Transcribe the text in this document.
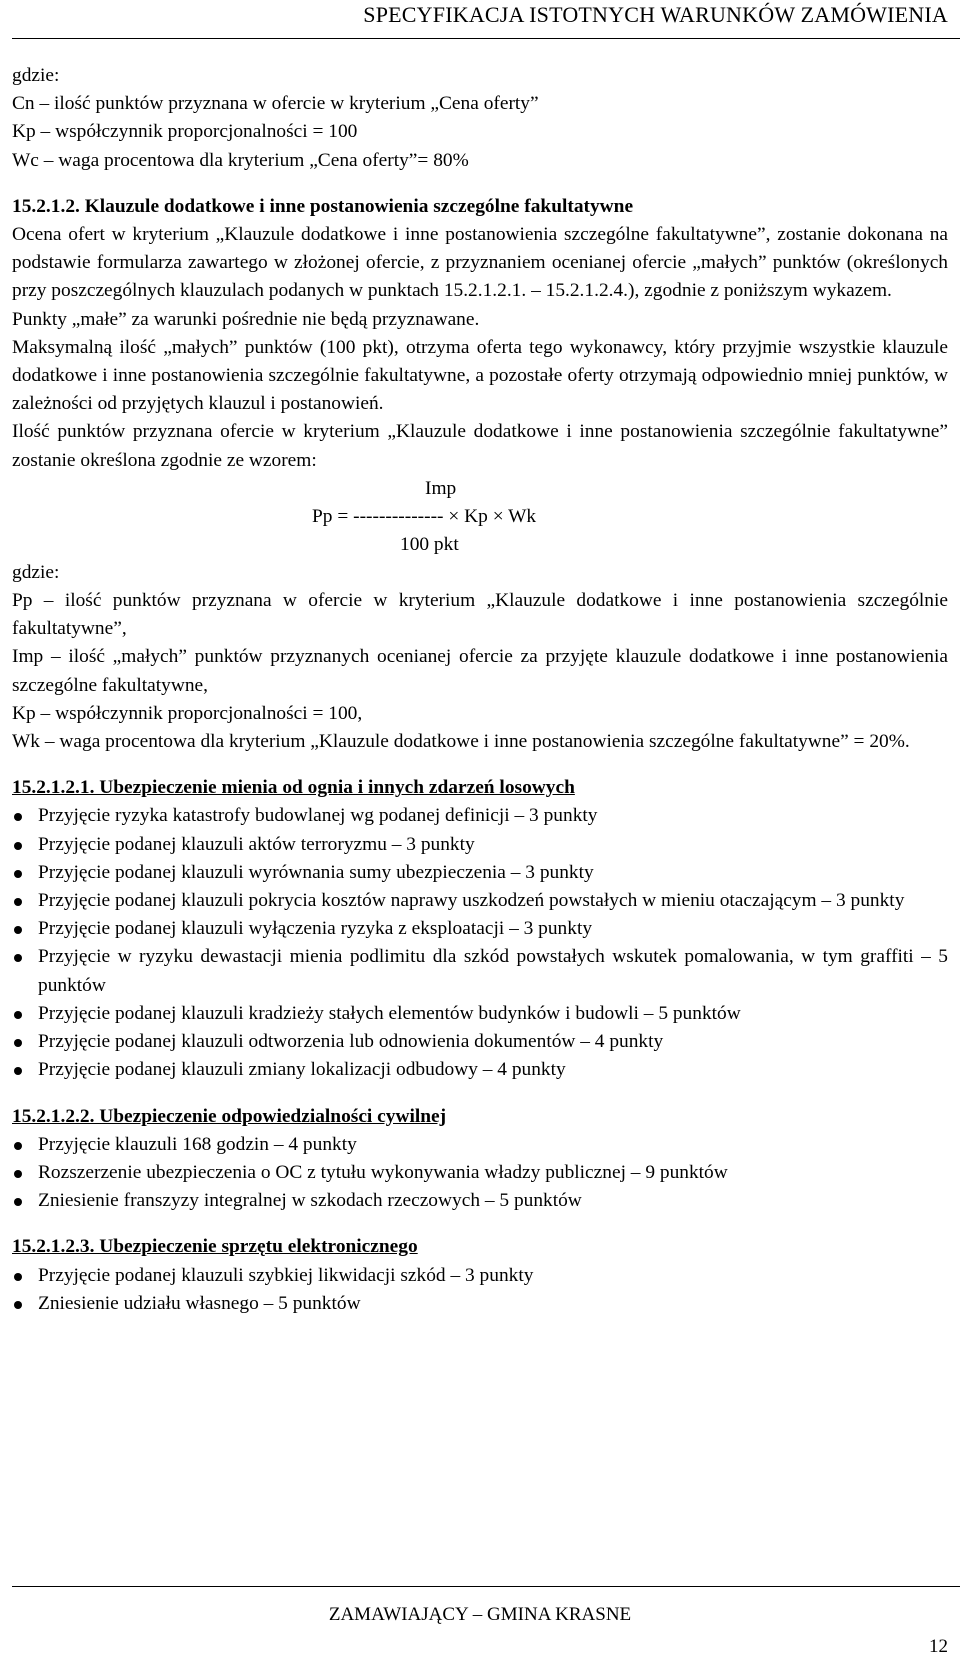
SPECYFIKACJA ISTOTNYCH WARUNKÓW ZAMÓWIENIA

gdzie:

Cn – ilość punktów przyznana w ofercie w kryterium „Cena oferty”

Kp – współczynnik proporcjonalności = 100

Wc – waga procentowa dla kryterium „Cena oferty”= 80%

15.2.1.2. Klauzule dodatkowe i inne postanowienia szczególne fakultatywne

Ocena ofert w kryterium „Klauzule dodatkowe i inne postanowienia szczególne fakultatywne”, zostanie dokonana na podstawie formularza zawartego w złożonej ofercie, z przyznaniem ocenianej ofercie „małych” punktów (określonych przy poszczególnych klauzulach podanych w punktach 15.2.1.2.1. – 15.2.1.2.4.), zgodnie z poniższym wykazem.

Punkty „małe” za warunki pośrednie nie będą przyznawane.

Maksymalną ilość „małych” punktów (100 pkt), otrzyma oferta tego wykonawcy, który przyjmie wszystkie klauzule dodatkowe i inne postanowienia szczególnie fakultatywne, a pozostałe oferty otrzymają odpowiednio mniej punktów, w zależności od przyjętych klauzul i postanowień.

Ilość punktów przyznana ofercie w kryterium „Klauzule dodatkowe i inne postanowienia szczególnie fakultatywne” zostanie określona zgodnie ze wzorem:

Imp
Pp = -------------- × Kp × Wk
100 pkt

gdzie:

Pp – ilość punktów przyznana w ofercie w kryterium „Klauzule dodatkowe i inne postanowienia szczególnie fakultatywne”,

Imp – ilość „małych” punktów przyznanych ocenianej ofercie za przyjęte klauzule dodatkowe i inne postanowienia szczególne fakultatywne,

Kp – współczynnik proporcjonalności = 100,

Wk – waga procentowa dla kryterium „Klauzule dodatkowe i inne postanowienia szczególne fakultatywne” = 20%.

15.2.1.2.1. Ubezpieczenie mienia od ognia i innych zdarzeń losowych

Przyjęcie ryzyka katastrofy budowlanej wg podanej definicji – 3 punkty
Przyjęcie podanej klauzuli aktów terroryzmu – 3 punkty
Przyjęcie podanej klauzuli wyrównania sumy ubezpieczenia – 3 punkty
Przyjęcie podanej klauzuli pokrycia kosztów naprawy uszkodzeń powstałych w mieniu otaczającym – 3 punkty
Przyjęcie podanej klauzuli wyłączenia ryzyka z eksploatacji – 3 punkty
Przyjęcie w ryzyku dewastacji mienia podlimitu dla szkód powstałych wskutek pomalowania, w tym graffiti – 5 punktów
Przyjęcie podanej klauzuli kradzieży stałych elementów budynków i budowli – 5 punktów
Przyjęcie podanej klauzuli odtworzenia lub odnowienia dokumentów – 4 punkty
Przyjęcie podanej klauzuli zmiany lokalizacji odbudowy – 4 punkty

15.2.1.2.2. Ubezpieczenie odpowiedzialności cywilnej

Przyjęcie klauzuli 168 godzin – 4 punkty
Rozszerzenie ubezpieczenia o OC z tytułu wykonywania władzy publicznej – 9 punktów
Zniesienie franszyzy integralnej w szkodach rzeczowych – 5 punktów

15.2.1.2.3. Ubezpieczenie sprzętu elektronicznego

Przyjęcie podanej klauzuli szybkiej likwidacji szkód – 3 punkty
Zniesienie udziału własnego – 5 punktów
ZAMAWIAJĄCY – GMINA KRASNE
12
